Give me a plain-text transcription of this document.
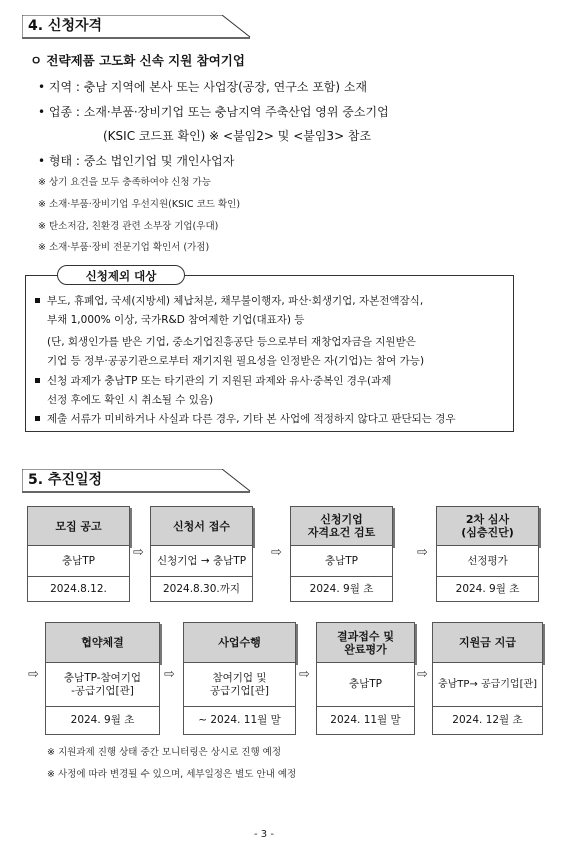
4. 신청자격
ㅇ 전략제품 고도화 신속 지원 참여기업
• 지역 : 충남 지역에 본사 또는 사업장(공장, 연구소 포함) 소재
• 업종 : 소재·부품·장비기업 또는 충남지역 주축산업 영위 중소기업
(KSIC 코드표 확인) ※ <붙임2> 및 <붙임3> 참조
• 형태 : 중소 법인기업 및 개인사업자
※ 상기 요건을 모두 충족하여야 신청 가능
※ 소재·부품·장비기업 우선지원(KSIC 코드 확인)
※ 탄소저감, 친환경 관련 소부장 기업(우대)
※ 소재·부품·장비 전문기업 확인서 (가점)
신청제외 대상
부도, 휴폐업, 국세(지방세) 체납처분, 채무불이행자, 파산·회생기업, 자본전액잠식,
부채 1,000% 이상, 국가R&D 참여제한 기업(대표자) 등
(단, 회생인가를 받은 기업, 중소기업진흥공단 등으로부터 재창업자금을 지원받은
기업 등 정부·공공기관으로부터 재기지원 필요성을 인정받은 자(기업)는 참여 가능)
신청 과제가 충남TP 또는 타기관의 기 지원된 과제와 유사·중복인 경우(과제
선정 후에도 확인 시 취소될 수 있음)
제출 서류가 미비하거나 사실과 다른 경우, 기타 본 사업에 적정하지 않다고 판단되는 경우
5. 추진일정
모집 공고
충남TP
2024.8.12.
⇨
신청서 접수
신청기업 → 충남TP
2024.8.30.까지
⇨
신청기업
자격요건 검토
충남TP
2024. 9월 초
⇨
2차 심사
(심층진단)
선정평가
2024. 9월 초
⇨
협약체결
충남TP-참여기업
-공급기업[관]
2024. 9월 초
⇨
사업수행
참여기업 및
공급기업[관]
~ 2024. 11월 말
⇨
결과접수 및
완료평가
충남TP
2024. 11월 말
⇨
지원금 지급
충남TP→ 공급기업[관]
2024. 12월 초
※ 지원과제 진행 상태 중간 모니터링은 상시로 진행 예정
※ 사정에 따라 변경될 수 있으며, 세부일정은 별도 안내 예정
- 3 -
